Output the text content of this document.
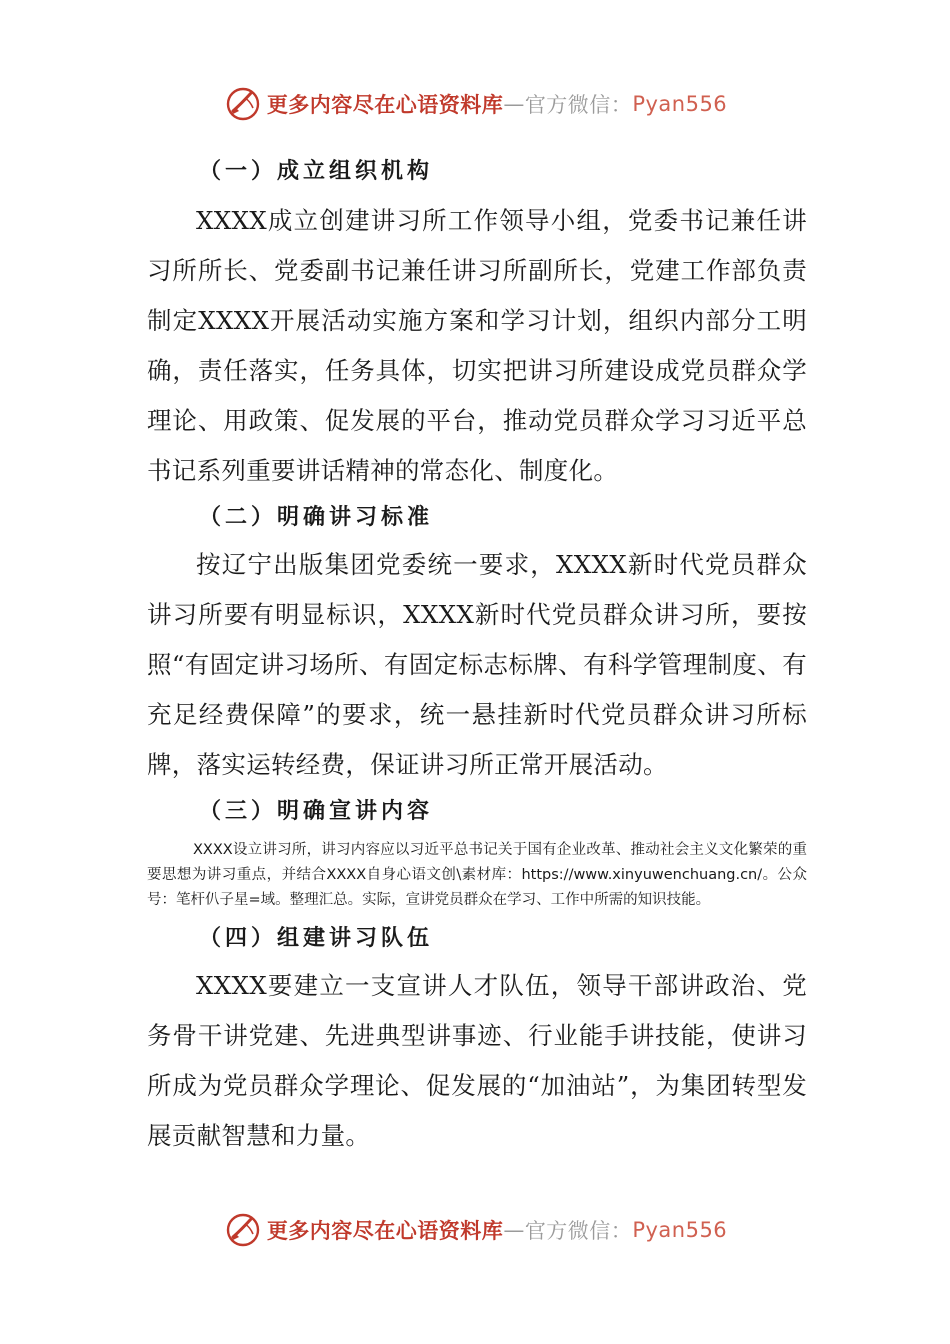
更多内容尽在心语资料库 — 官方微信： Pyan556
（一）成立组织机构

XXXX成立创建讲习所工作领导小组，党委书记兼任讲习所所长、党委副书记兼任讲习所副所长，党建工作部负责制定XXXX开展活动实施方案和学习计划，组织内部分工明确，责任落实，任务具体，切实把讲习所建设成党员群众学理论、用政策、促发展的平台，推动党员群众学习习近平总书记系列重要讲话精神的常态化、制度化。

（二）明确讲习标准

按辽宁出版集团党委统一要求，XXXX新时代党员群众讲习所要有明显标识，XXXX新时代党员群众讲习所，要按照“有固定讲习场所、有固定标志标牌、有科学管理制度、有充足经费保障”的要求，统一悬挂新时代党员群众讲习所标牌，落实运转经费，保证讲习所正常开展活动。

（三）明确宣讲内容

XXXX设立讲习所，讲习内容应以习近平总书记关于国有企业改革、推动社会主义文化繁荣的重要思想为讲习重点，并结合XXXX自身心语文创\素材库：https://www.xinyuwenchuang.cn/。公众号：笔杆仈子星=域。整理汇总。实际，宣讲党员群众在学习、工作中所需的知识技能。

（四）组建讲习队伍

XXXX要建立一支宣讲人才队伍，领导干部讲政治、党务骨干讲党建、先进典型讲事迹、行业能手讲技能，使讲习所成为党员群众学理论、促发展的“加油站”，为集团转型发展贡献智慧和力量。

更多内容尽在心语资料库 — 官方微信： Pyan556
